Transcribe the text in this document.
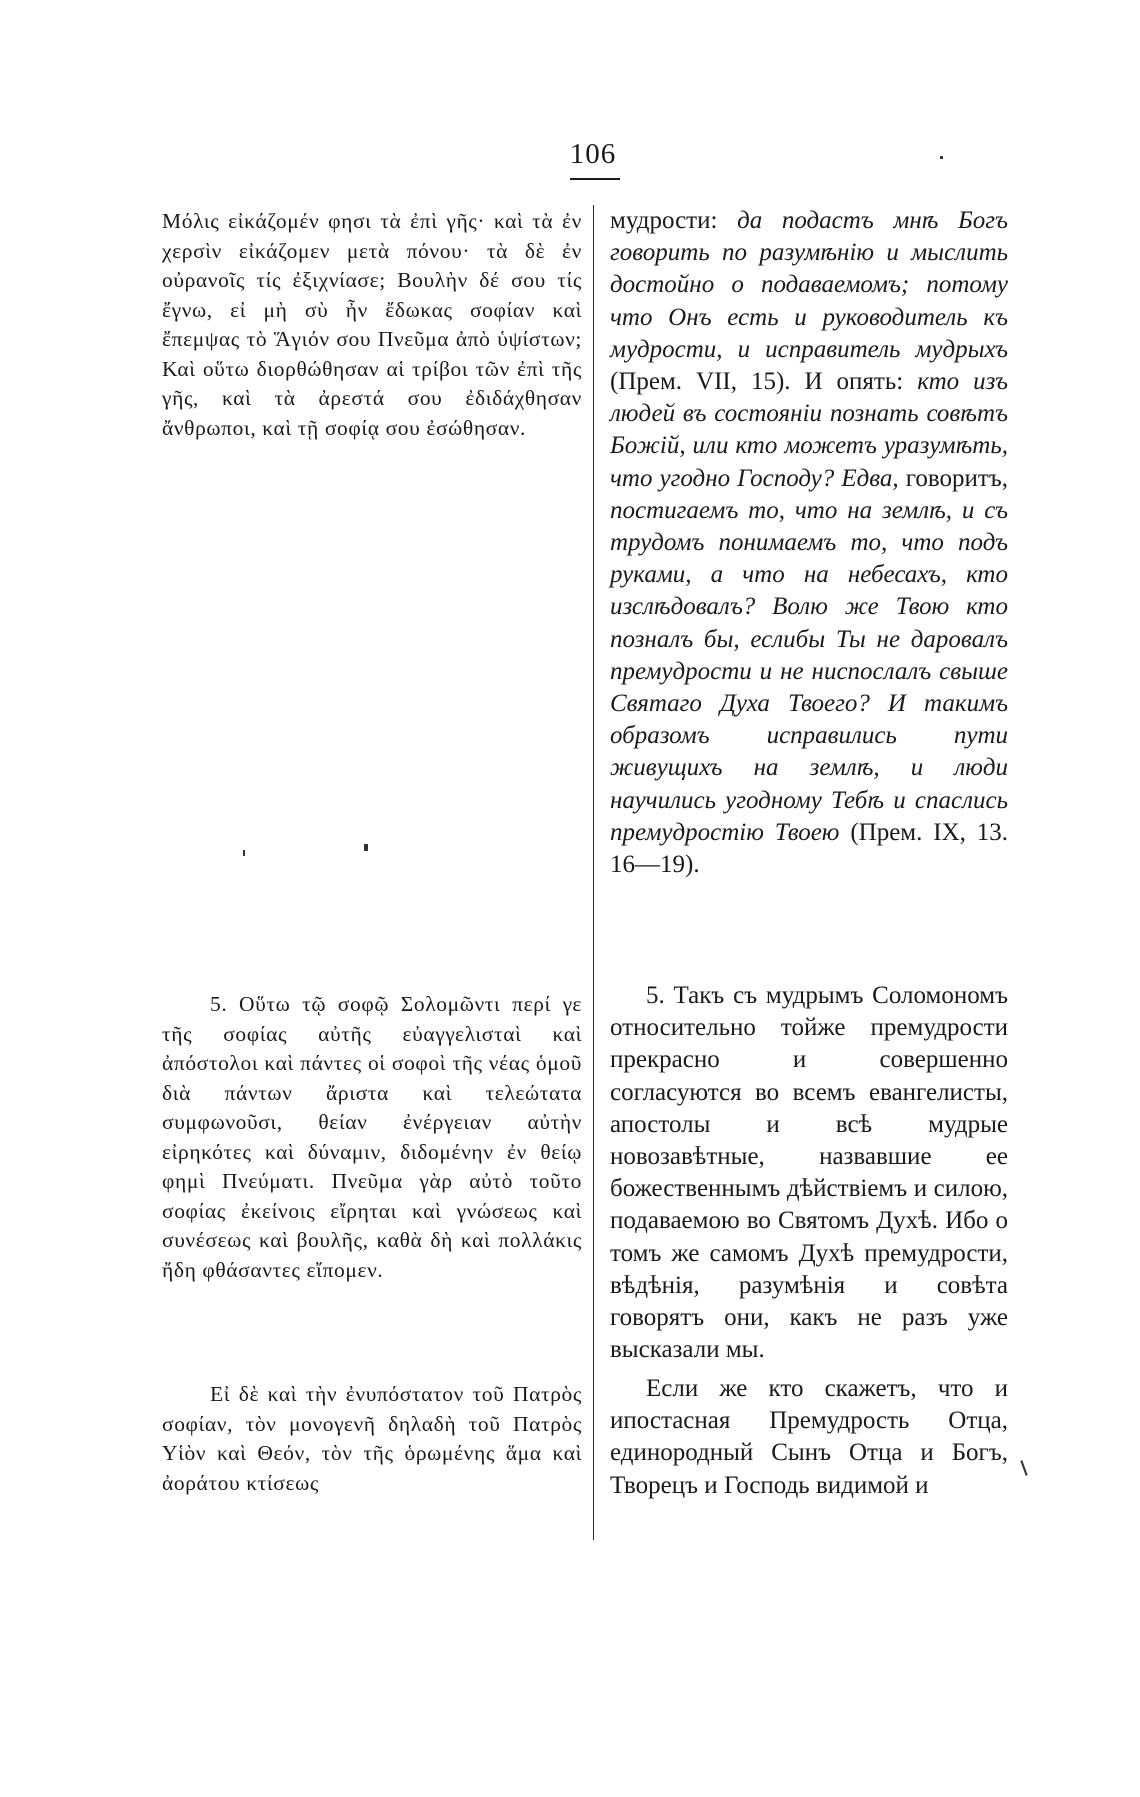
106

Μόλις εἰκάζομέν φησι τὰ ἐπὶ γῆς· καὶ τὰ ἐν χερσὶν εἰκάζομεν μετὰ πόνου· τὰ δὲ ἐν οὐρανοῖς τίς ἐξιχνίασε; Βουλὴν δέ σου τίς ἔγνω, εἰ μὴ σὺ ἦν ἔδωκας σοφίαν καὶ ἔπεμψας τὸ Ἅγιόν σου Πνεῦμα ἀπὸ ὑψίστων; Καὶ οὕτω διορθώθησαν αἱ τρίβοι τῶν ἐπὶ τῆς γῆς, καὶ τὰ ἀρεστά σου ἐδιδάχθησαν ἄνθρωποι, καὶ τῇ σοφίᾳ σου ἐσώθησαν.

5. Οὕτω τῷ σοφῷ Σολομῶντι περί γε τῆς σοφίας αὐτῆς εὐαγγελισταὶ καὶ ἀπόστολοι καὶ πάντες οἱ σοφοὶ τῆς νέας ὁμοῦ διὰ πάντων ἄριστα καὶ τελεώτατα συμφωνοῦσι, θείαν ἐνέργειαν αὐτὴν εἰρηκότες καὶ δύναμιν, διδομένην ἐν θείῳ φημὶ Πνεύματι. Πνεῦμα γὰρ αὐτὸ τοῦτο σοφίας ἐκείνοις εἴρηται καὶ γνώσεως καὶ συνέσεως καὶ βουλῆς, καθὰ δὴ καὶ πολλάκις ἤδη φθάσαντες εἴπομεν.

Εἰ δὲ καὶ τὴν ἐνυπόστατον τοῦ Πατρὸς σοφίαν, τὸν μονογενῆ δηλαδὴ τοῦ Πατρὸς Υἱὸν καὶ Θεόν, τὸν τῆς ὁρωμένης ἅμα καὶ ἀοράτου κτίσεως

мудрости: да подастъ мнѣ Богъ говорить по разумѣнію и мыслить достойно о подаваемомъ; потому что Онъ есть и руководитель къ мудрости, и исправитель мудрыхъ (Прем. VII, 15). И опять: кто изъ людей въ состояніи познать совѣтъ Божій, или кто можетъ уразумѣть, что угодно Господу? Едва, говоритъ, постигаемъ то, что на землѣ, и съ трудомъ понимаемъ то, что подъ руками, а что на небесахъ, кто изслѣдовалъ? Волю же Твою кто позналъ бы, еслибы Ты не даровалъ премудрости и не ниспослалъ свыше Святаго Духа Твоего? И такимъ образомъ исправились пути живущихъ на землѣ, и люди научились угодному Тебѣ и спаслись премудростію Твоею (Прем. IX, 13. 16—19).

5. Такъ съ мудрымъ Соломономъ относительно тойже премудрости прекрасно и совершенно согласуются во всемъ евангелисты, апостолы и всѣ мудрые новозавѣтные, назвавшие ее божественнымъ дѣйствіемъ и силою, подаваемою во Святомъ Духѣ. Ибо о томъ же самомъ Духѣ премудрости, вѣдѣнія, разумѣнія и совѣта говорятъ они, какъ не разъ уже высказали мы.

Если же кто скажетъ, что и ипостасная Премудрость Отца, единородный Сынъ Отца и Богъ, Творецъ и Господь видимой и
